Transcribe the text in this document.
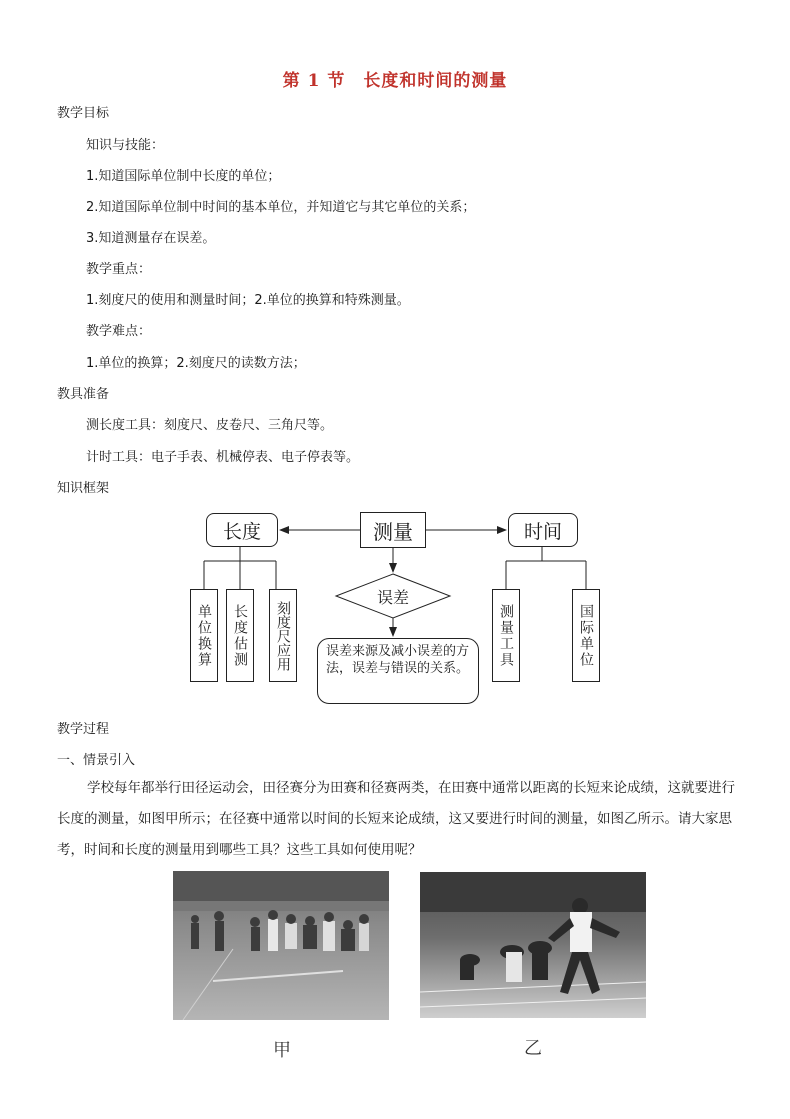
第 1 节　长度和时间的测量
教学目标
知识与技能：
1.知道国际单位制中长度的单位；
2.知道国际单位制中时间的基本单位，并知道它与其它单位的关系；
3.知道测量存在误差。
教学重点：
1.刻度尺的使用和测量时间；2.单位的换算和特殊测量。
教学难点：
1.单位的换算；2.刻度尺的读数方法；
教具准备
测长度工具：刻度尺、皮卷尺、三角尺等。
计时工具：电子手表、机械停表、电子停表等。
知识框架
长度	测量	时间
误差
单位换算	长度估测	刻度尺应用	误差来源及减小误差的方法，误差与错误的关系。
测量工具	国际单位
教学过程
一、情景引入
学校每年都举行田径运动会，田径赛分为田赛和径赛两类，在田赛中通常以距离的长短来论成绩，这就要进行长度的测量，如图甲所示；在径赛中通常以时间的长短来论成绩，这又要进行时间的测量，如图乙所示。请大家思考，时间和长度的测量用到哪些工具？这些工具如何使用呢？
甲	乙
